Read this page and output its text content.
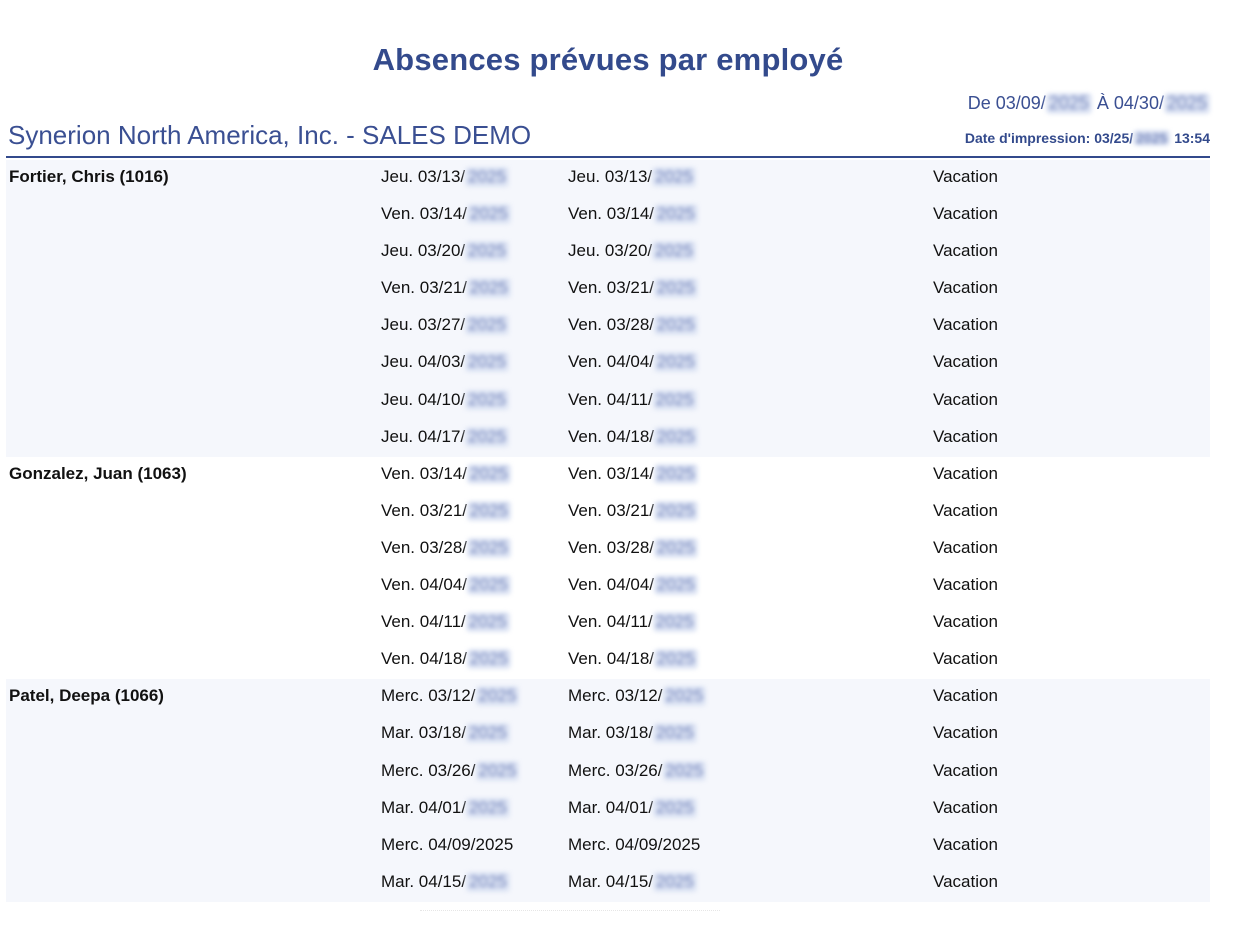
Absences prévues par employé
De 03/09/ 2025 À 04/30/ 2025
Synerion North America, Inc. - SALES DEMO	Date d'impression: 03/25/ 2025 13:54
Fortier, Chris (1016)	Jeu. 03/13/ 2025	Jeu. 03/13/ 2025	Vacation
Ven. 03/14/ 2025	Ven. 03/14/ 2025	Vacation
Jeu. 03/20/ 2025	Jeu. 03/20/ 2025	Vacation
Ven. 03/21/ 2025	Ven. 03/21/ 2025	Vacation
Jeu. 03/27/ 2025	Ven. 03/28/ 2025	Vacation
Jeu. 04/03/ 2025	Ven. 04/04/ 2025	Vacation
Jeu. 04/10/ 2025	Ven. 04/11/ 2025	Vacation
Jeu. 04/17/ 2025	Ven. 04/18/ 2025	Vacation
Gonzalez, Juan (1063)	Ven. 03/14/ 2025	Ven. 03/14/ 2025	Vacation
Ven. 03/21/ 2025	Ven. 03/21/ 2025	Vacation
Ven. 03/28/ 2025	Ven. 03/28/ 2025	Vacation
Ven. 04/04/ 2025	Ven. 04/04/ 2025	Vacation
Ven. 04/11/ 2025	Ven. 04/11/ 2025	Vacation
Ven. 04/18/ 2025	Ven. 04/18/ 2025	Vacation
Patel, Deepa (1066)	Merc. 03/12/ 2025	Merc. 03/12/ 2025	Vacation
Mar. 03/18/ 2025	Mar. 03/18/ 2025	Vacation
Merc. 03/26/ 2025	Merc. 03/26/ 2025	Vacation
Mar. 04/01/ 2025	Mar. 04/01/ 2025	Vacation
Merc. 04/09/2025	Merc. 04/09/2025	Vacation
Mar. 04/15/ 2025	Mar. 04/15/ 2025	Vacation
